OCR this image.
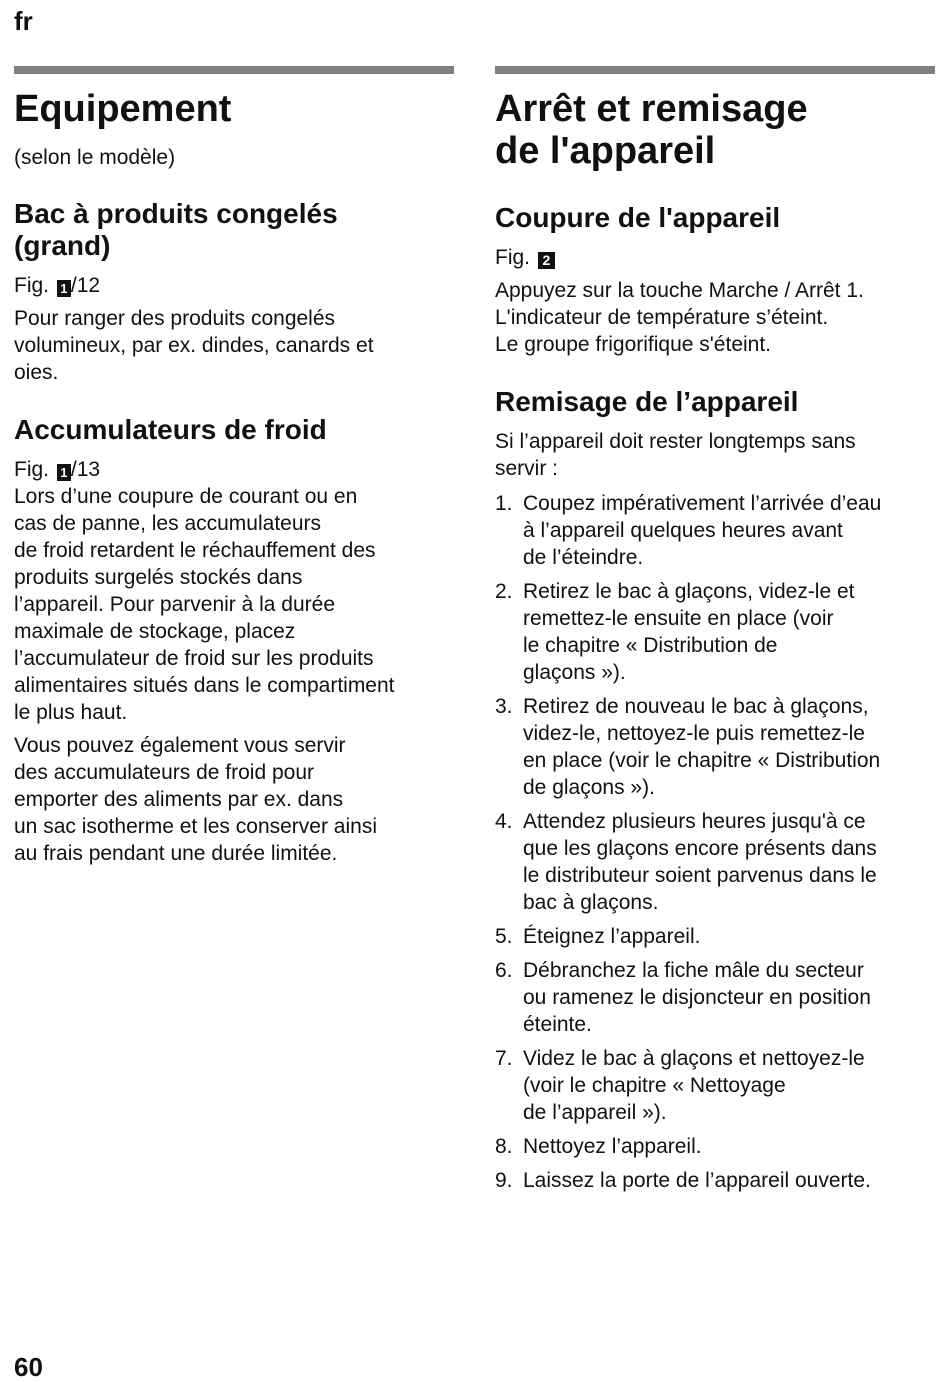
fr
Equipement

(selon le modèle)

Bac à produits congelés
(grand)

Fig. 1 /12

Pour ranger des produits congelés
volumineux, par ex. dindes, canards et
oies.

Accumulateurs de froid

Fig. 1 /13

Lors d’une coupure de courant ou en
cas de panne, les accumulateurs
de froid retardent le réchauffement des
produits surgelés stockés dans
l’appareil. Pour parvenir à la durée
maximale de stockage, placez
l’accumulateur de froid sur les produits
alimentaires situés dans le compartiment
le plus haut.

Vous pouvez également vous servir
des accumulateurs de froid pour
emporter des aliments par ex. dans
un sac isotherme et les conserver ainsi
au frais pendant une durée limitée.

Arrêt et remisage
de l'appareil
Coupure de l'appareil

Fig. 2

Appuyez sur la touche Marche / Arrêt 1.
L'indicateur de température s’éteint.
Le groupe frigorifique s'éteint.

Remisage de l’appareil

Si l’appareil doit rester longtemps sans
servir :

1. Coupez impérativement l’arrivée d’eau
à l’appareil quelques heures avant
de l’éteindre.
2. Retirez le bac à glaçons, videz-le et
remettez-le ensuite en place (voir
le chapitre « Distribution de
glaçons »).
3. Retirez de nouveau le bac à glaçons,
videz-le, nettoyez-le puis remettez-le
en place (voir le chapitre « Distribution
de glaçons »).
4. Attendez plusieurs heures jusqu'à ce
que les glaçons encore présents dans
le distributeur soient parvenus dans le
bac à glaçons.
5. Éteignez l’appareil.
6. Débranchez la fiche mâle du secteur
ou ramenez le disjoncteur en position
éteinte.
7. Videz le bac à glaçons et nettoyez-le
(voir le chapitre « Nettoyage
de l’appareil »).
8. Nettoyez l’appareil.
9. Laissez la porte de l’appareil ouverte.
60
